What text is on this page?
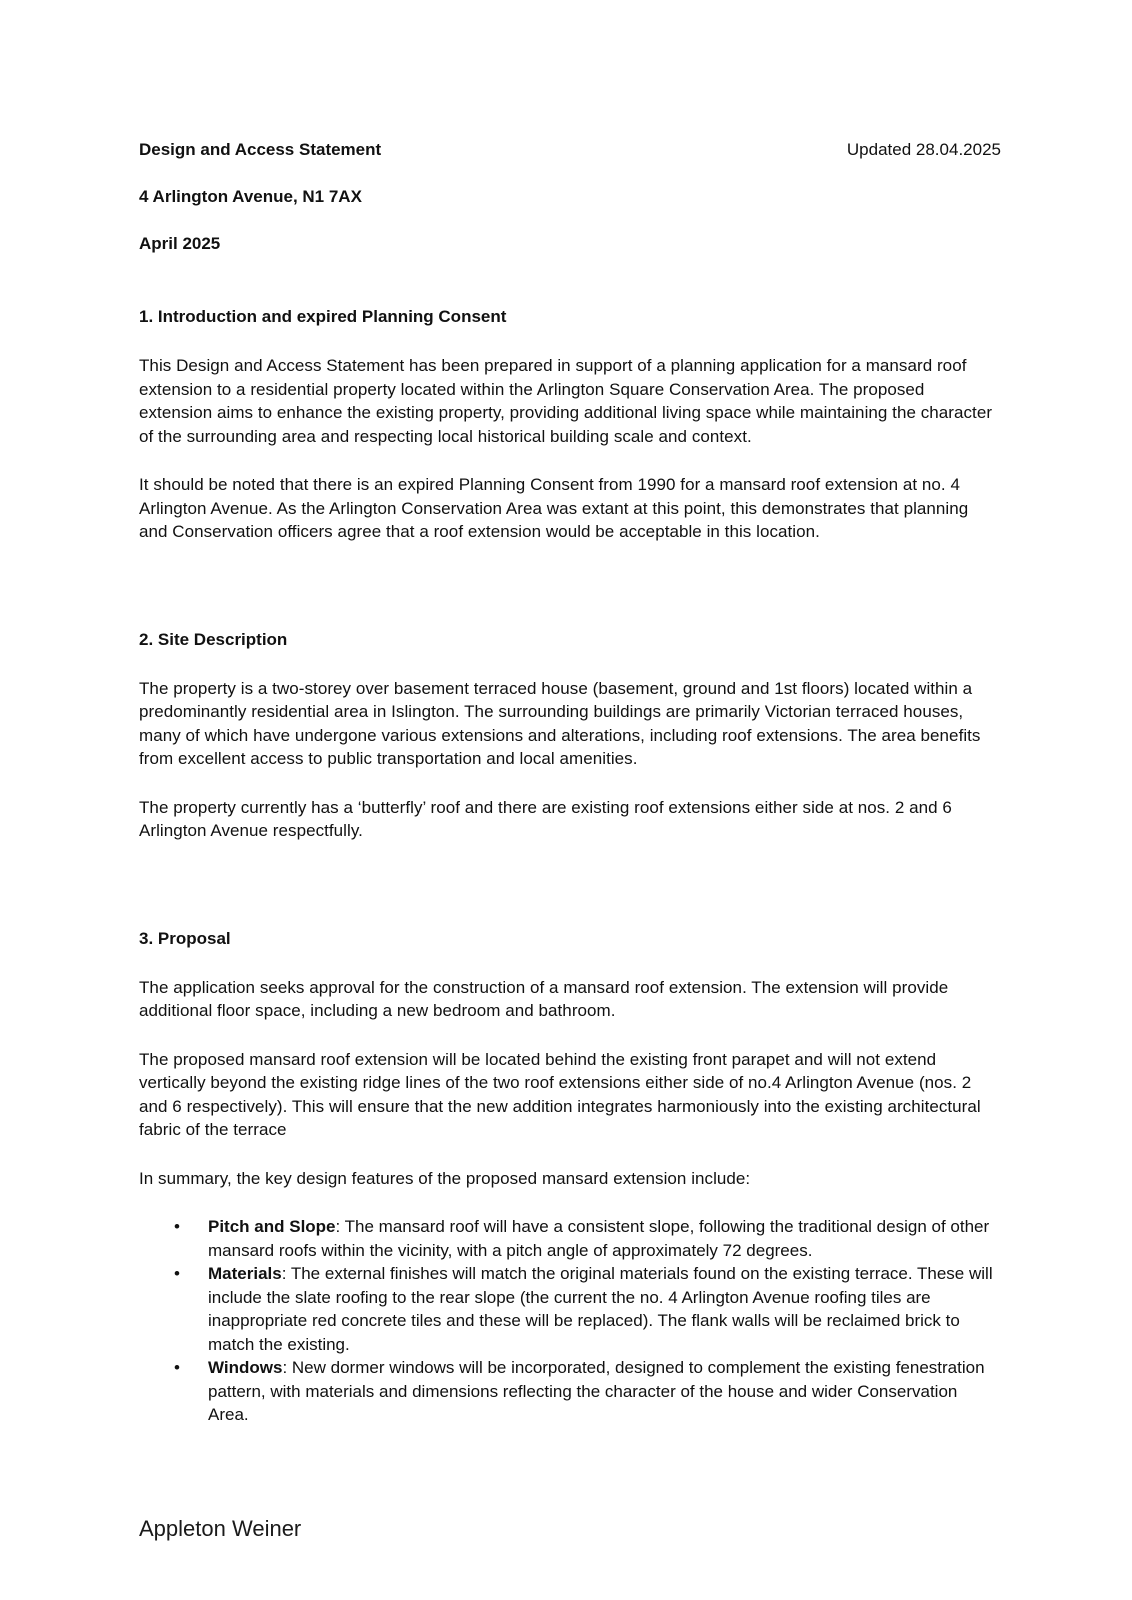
Design and Access Statement	Updated 28.04.2025
4 Arlington Avenue, N1 7AX
April 2025
1. Introduction and expired Planning Consent

This Design and Access Statement has been prepared in support of a planning application for a mansard roof extension to a residential property located within the Arlington Square Conservation Area. The proposed extension aims to enhance the existing property, providing additional living space while maintaining the character of the surrounding area and respecting local historical building scale and context.

It should be noted that there is an expired Planning Consent from 1990 for a mansard roof extension at no. 4 Arlington Avenue. As the Arlington Conservation Area was extant at this point, this demonstrates that planning and Conservation officers agree that a roof extension would be acceptable in this location.

2. Site Description

The property is a two-storey over basement terraced house (basement, ground and 1st floors) located within a predominantly residential area in Islington. The surrounding buildings are primarily Victorian terraced houses, many of which have undergone various extensions and alterations, including roof extensions. The area benefits from excellent access to public transportation and local amenities.

The property currently has a ‘butterfly’ roof and there are existing roof extensions either side at nos. 2 and 6 Arlington Avenue respectfully.

3. Proposal

The application seeks approval for the construction of a mansard roof extension. The extension will provide additional floor space, including a new bedroom and bathroom.

The proposed mansard roof extension will be located behind the existing front parapet and will not extend vertically beyond the existing ridge lines of the two roof extensions either side of no.4 Arlington Avenue (nos. 2 and 6 respectively). This will ensure that the new addition integrates harmoniously into the existing architectural fabric of the terrace

In summary, the key design features of the proposed mansard extension include:

• Pitch and Slope: The mansard roof will have a consistent slope, following the traditional design of other mansard roofs within the vicinity, with a pitch angle of approximately 72 degrees.
• Materials: The external finishes will match the original materials found on the existing terrace. These will include the slate roofing to the rear slope (the current the no. 4 Arlington Avenue roofing tiles are inappropriate red concrete tiles and these will be replaced). The flank walls will be reclaimed brick to match the existing.
• Windows: New dormer windows will be incorporated, designed to complement the existing fenestration pattern, with materials and dimensions reflecting the character of the house and wider Conservation Area.
Appleton Weiner
